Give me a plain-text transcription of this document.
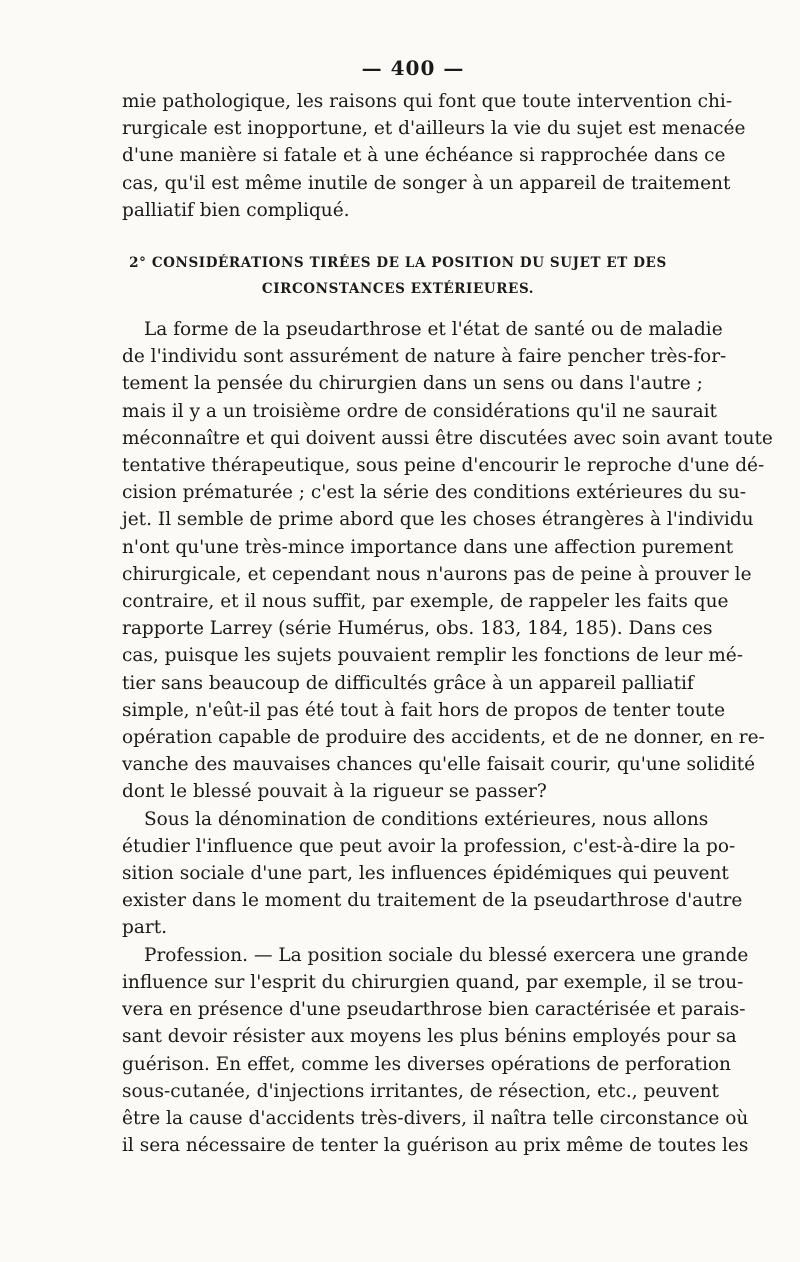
— 400 —
mie pathologique, les raisons qui font que toute intervention chi-
rurgicale est inopportune, et d'ailleurs la vie du sujet est menacée
d'une manière si fatale et à une échéance si rapprochée dans ce
cas, qu'il est même inutile de songer à un appareil de traitement
palliatif bien compliqué.
2° CONSIDÉRATIONS TIRÉES DE LA POSITION DU SUJET ET DES
CIRCONSTANCES EXTÉRIEURES.
La forme de la pseudarthrose et l'état de santé ou de maladie
de l'individu sont assurément de nature à faire pencher très-for-
tement la pensée du chirurgien dans un sens ou dans l'autre ;
mais il y a un troisième ordre de considérations qu'il ne saurait
méconnaître et qui doivent aussi être discutées avec soin avant toute
tentative thérapeutique, sous peine d'encourir le reproche d'une dé-
cision prématurée ; c'est la série des conditions extérieures du su-
jet. Il semble de prime abord que les choses étrangères à l'individu
n'ont qu'une très-mince importance dans une affection purement
chirurgicale, et cependant nous n'aurons pas de peine à prouver le
contraire, et il nous suffit, par exemple, de rappeler les faits que
rapporte Larrey (série Humérus, obs. 183, 184, 185). Dans ces
cas, puisque les sujets pouvaient remplir les fonctions de leur mé-
tier sans beaucoup de difficultés grâce à un appareil palliatif
simple, n'eût-il pas été tout à fait hors de propos de tenter toute
opération capable de produire des accidents, et de ne donner, en re-
vanche des mauvaises chances qu'elle faisait courir, qu'une solidité
dont le blessé pouvait à la rigueur se passer?
Sous la dénomination de conditions extérieures, nous allons
étudier l'influence que peut avoir la profession, c'est-à-dire la po-
sition sociale d'une part, les influences épidémiques qui peuvent
exister dans le moment du traitement de la pseudarthrose d'autre
part.
Profession. — La position sociale du blessé exercera une grande
influence sur l'esprit du chirurgien quand, par exemple, il se trou-
vera en présence d'une pseudarthrose bien caractérisée et parais-
sant devoir résister aux moyens les plus bénins employés pour sa
guérison. En effet, comme les diverses opérations de perforation
sous-cutanée, d'injections irritantes, de résection, etc., peuvent
être la cause d'accidents très-divers, il naîtra telle circonstance où
il sera nécessaire de tenter la guérison au prix même de toutes les
